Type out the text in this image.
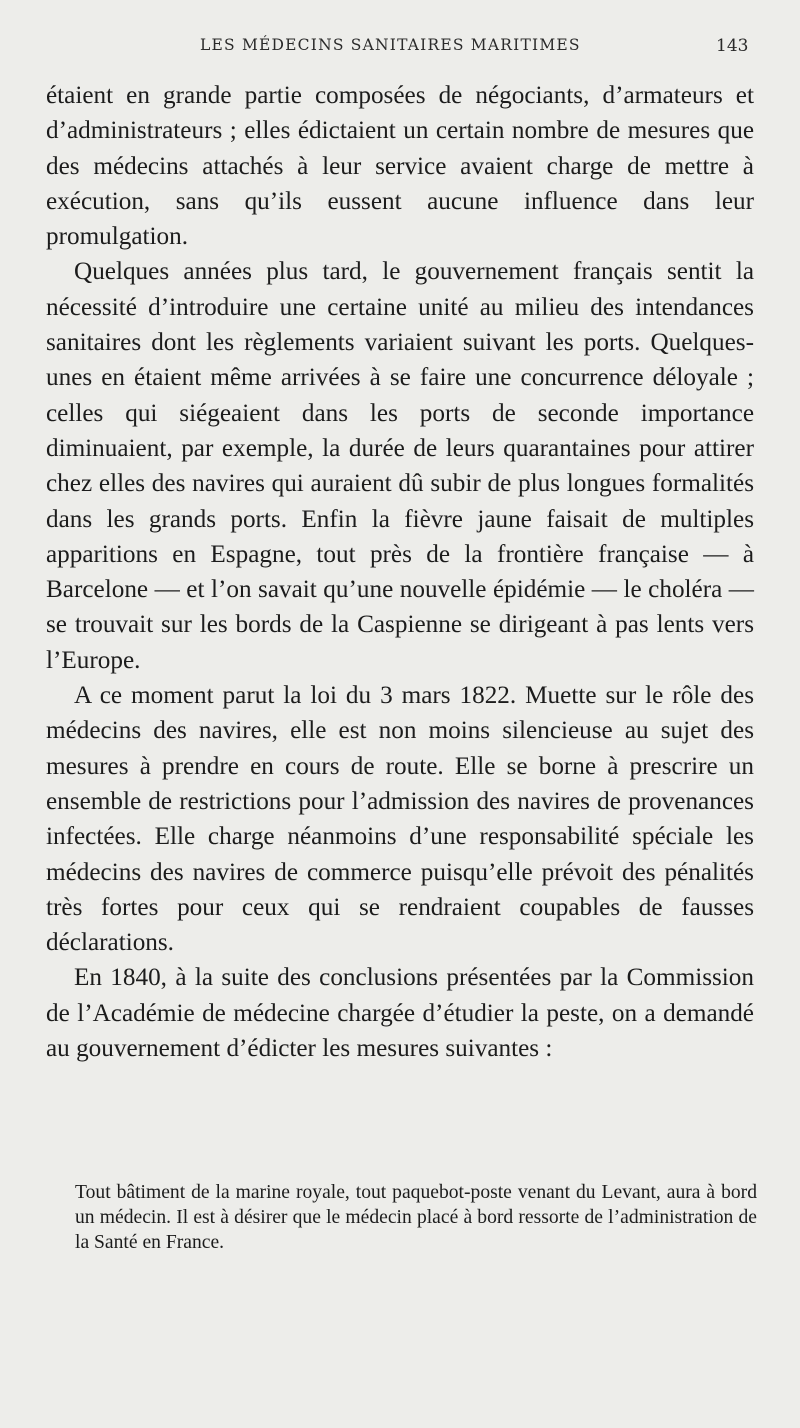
LES MÉDECINS SANITAIRES MARITIMES	143

étaient en grande partie composées de négociants, d’armateurs et d’administrateurs ; elles édictaient un certain nombre de mesures que des médecins attachés à leur service avaient charge de mettre à exécution, sans qu’ils eussent aucune influence dans leur promulgation.

Quelques années plus tard, le gouvernement français sentit la nécessité d’introduire une certaine unité au milieu des intendances sanitaires dont les règlements variaient suivant les ports. Quelques-unes en étaient même arrivées à se faire une concurrence déloyale ; celles qui siégeaient dans les ports de seconde importance diminuaient, par exemple, la durée de leurs quarantaines pour attirer chez elles des navires qui auraient dû subir de plus longues formalités dans les grands ports. Enfin la fièvre jaune faisait de multiples apparitions en Espagne, tout près de la frontière française — à Barcelone — et l’on savait qu’une nouvelle épidémie — le choléra — se trouvait sur les bords de la Caspienne se dirigeant à pas lents vers l’Europe.

A ce moment parut la loi du 3 mars 1822. Muette sur le rôle des médecins des navires, elle est non moins silencieuse au sujet des mesures à prendre en cours de route. Elle se borne à prescrire un ensemble de restrictions pour l’admission des navires de provenances infectées. Elle charge néanmoins d’une responsabilité spéciale les médecins des navires de commerce puisqu’elle prévoit des pénalités très fortes pour ceux qui se rendraient coupables de fausses déclarations.

En 1840, à la suite des conclusions présentées par la Commission de l’Académie de médecine chargée d’étudier la peste, on a demandé au gouvernement d’édicter les mesures suivantes :

Tout bâtiment de la marine royale, tout paquebot-poste venant du Levant, aura à bord un médecin. Il est à désirer que le médecin placé à bord ressorte de l’administration de la Santé en France.
